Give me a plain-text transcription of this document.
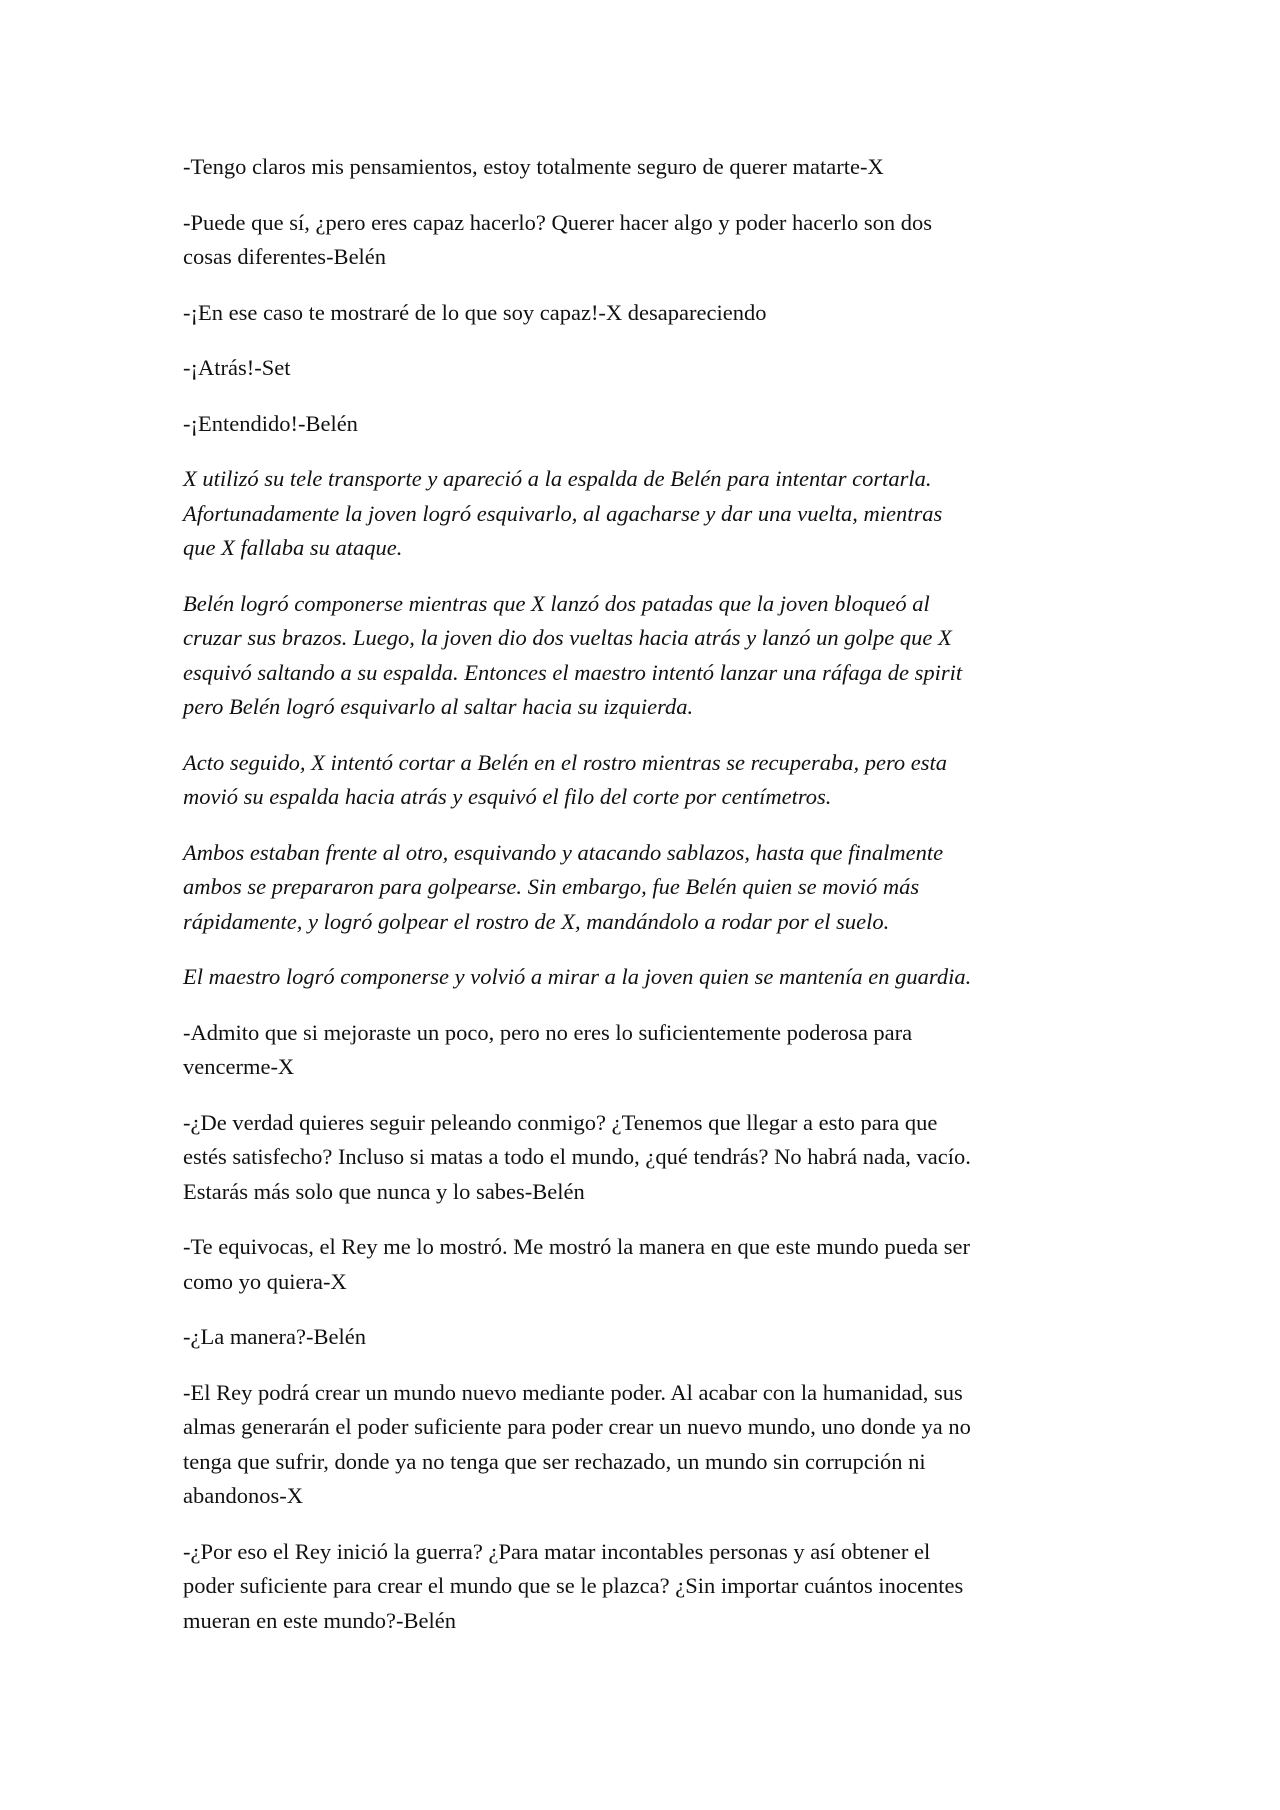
-Tengo claros mis pensamientos, estoy totalmente seguro de querer matarte-X

-Puede que sí, ¿pero eres capaz hacerlo? Querer hacer algo y poder hacerlo son dos
cosas diferentes-Belén

-¡En ese caso te mostraré de lo que soy capaz!-X desapareciendo

-¡Atrás!-Set

-¡Entendido!-Belén

X utilizó su tele transporte y apareció a la espalda de Belén para intentar cortarla.
Afortunadamente la joven logró esquivarlo, al agacharse y dar una vuelta, mientras
que X fallaba su ataque.

Belén logró componerse mientras que X lanzó dos patadas que la joven bloqueó al
cruzar sus brazos. Luego, la joven dio dos vueltas hacia atrás y lanzó un golpe que X
esquivó saltando a su espalda. Entonces el maestro intentó lanzar una ráfaga de spirit
pero Belén logró esquivarlo al saltar hacia su izquierda.

Acto seguido, X intentó cortar a Belén en el rostro mientras se recuperaba, pero esta
movió su espalda hacia atrás y esquivó el filo del corte por centímetros.

Ambos estaban frente al otro, esquivando y atacando sablazos, hasta que finalmente
ambos se prepararon para golpearse. Sin embargo, fue Belén quien se movió más
rápidamente, y logró golpear el rostro de X, mandándolo a rodar por el suelo.

El maestro logró componerse y volvió a mirar a la joven quien se mantenía en guardia.

-Admito que si mejoraste un poco, pero no eres lo suficientemente poderosa para
vencerme-X

-¿De verdad quieres seguir peleando conmigo? ¿Tenemos que llegar a esto para que
estés satisfecho? Incluso si matas a todo el mundo, ¿qué tendrás? No habrá nada, vacío.
Estarás más solo que nunca y lo sabes-Belén

-Te equivocas, el Rey me lo mostró. Me mostró la manera en que este mundo pueda ser
como yo quiera-X

-¿La manera?-Belén

-El Rey podrá crear un mundo nuevo mediante poder. Al acabar con la humanidad, sus
almas generarán el poder suficiente para poder crear un nuevo mundo, uno donde ya no
tenga que sufrir, donde ya no tenga que ser rechazado, un mundo sin corrupción ni
abandonos-X

-¿Por eso el Rey inició la guerra? ¿Para matar incontables personas y así obtener el
poder suficiente para crear el mundo que se le plazca? ¿Sin importar cuántos inocentes
mueran en este mundo?-Belén
